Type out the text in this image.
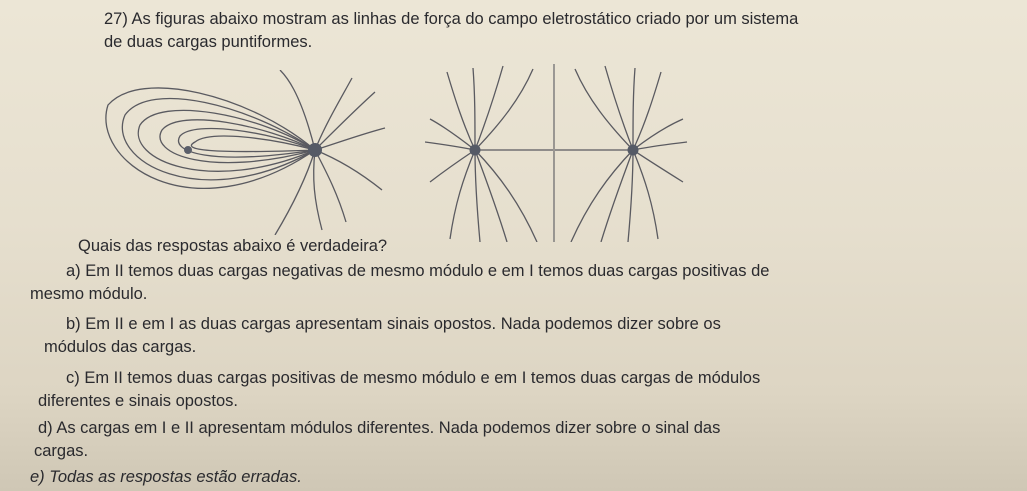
27) As figuras abaixo mostram as linhas de força do campo eletrostático criado por um sistema
de duas cargas puntiformes.

Quais das respostas abaixo é verdadeira?

a) Em II temos duas cargas negativas de mesmo módulo e em I temos duas cargas positivas de
mesmo módulo.

b) Em II e em I as duas cargas apresentam sinais opostos. Nada podemos dizer sobre os
módulos das cargas.

c) Em II temos duas cargas positivas de mesmo módulo e em I temos duas cargas de módulos
diferentes e sinais opostos.

d) As cargas em I e II apresentam módulos diferentes. Nada podemos dizer sobre o sinal das
cargas.

e) Todas as respostas estão erradas.
